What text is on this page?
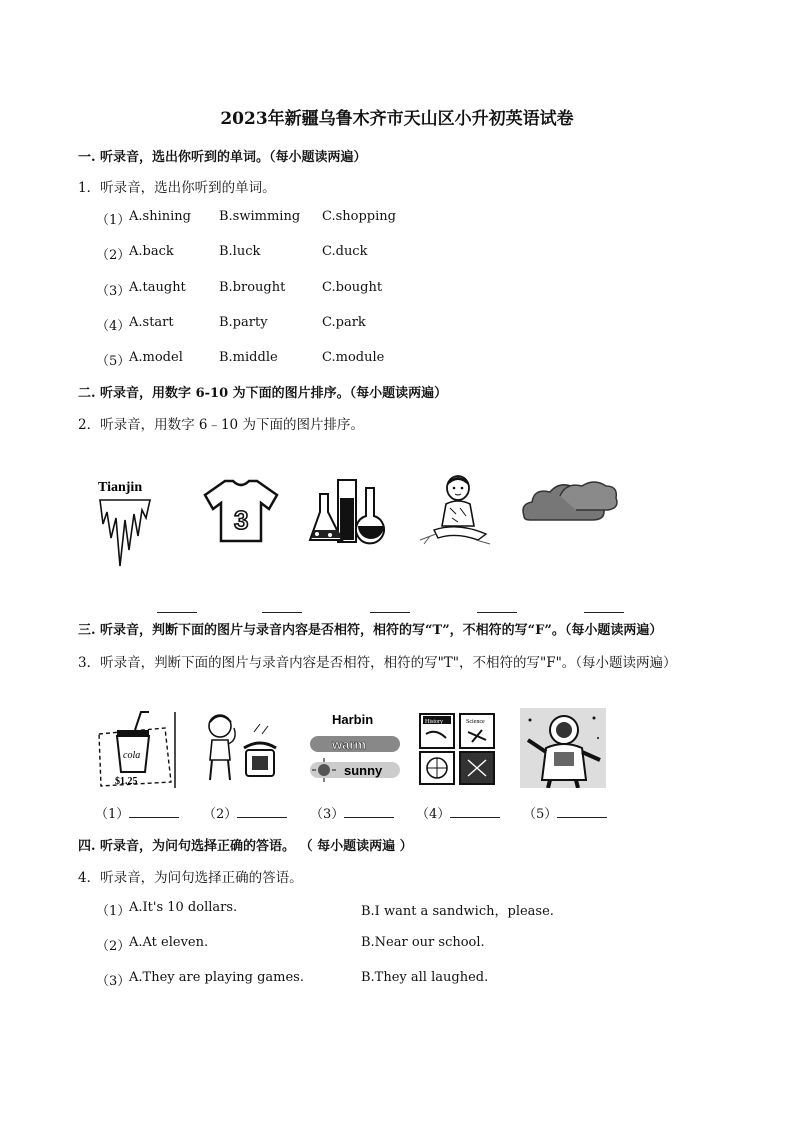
2023年新疆乌鲁木齐市天山区小升初英语试卷
一. 听录音，选出你听到的单词。（每小题读两遍）
1．听录音，选出你听到的单词。
（1）
A.shining B.swimming C.shopping
（2）
A.back	B.luck	C.duck
（3）
A.taught	B.brought	C.bought
（4）
A.start	B.party	C.park
（5）
A.model	B.middle	C.module
二. 听录音，用数字 6-10 为下面的图片排序。（每小题读两遍）
2．听录音，用数字 6﹣10 为下面的图片排序。
Tianjin
3
三. 听录音，判断下面的图片与录音内容是否相符，相符的写“T”，不相符的写“F”。（每小题读两遍）
3．听录音，判断下面的图片与录音内容是否相符，相符的写"T"，不相符的写"F"。（每小题读两遍）
cola
$1.25
Harbin
warm
sunny
History	Science
（1）	（2）	（3）	（4）	（5）
四. 听录音，为问句选择正确的答语。 （ 每小题读两遍 ）
4．听录音，为问句选择正确的答语。
（1）
A.It's 10 dollars.	B.I want a sandwich，please.
（2）
A.At eleven.	B.Near our school.
（3）
A.They are playing games.	B.They all laughed.
